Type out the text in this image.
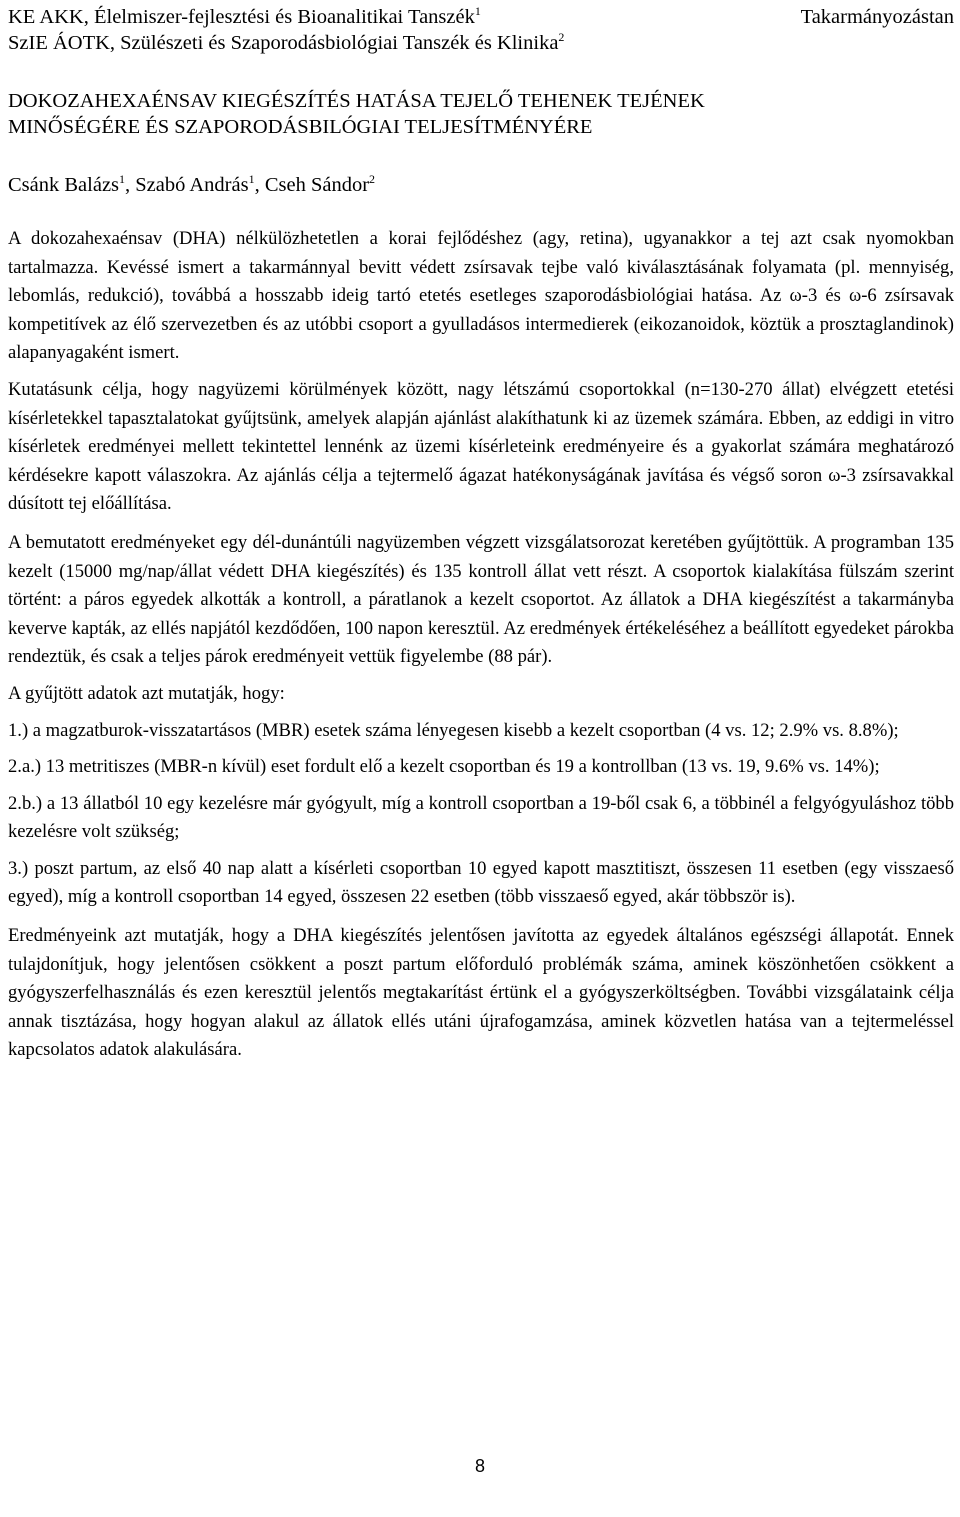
KE AKK, Élelmiszer-fejlesztési és Bioanalitikai Tanszék$^1$
SzIE ÁOTK, Szülészeti és Szaporodásbiológiai Tanszék és Klinika$^2$
Takarmányozástan
DOKOZAHEXAÉNSAV KIEGÉSZÍTÉS HATÁSA TEJELŐ TEHENEK TEJÉNEK
MINŐSÉGÉRE ÉS SZAPORODÁSBILÓGIAI TELJESÍTMÉNYÉRE
Csánk Balázs$^1$, Szabó András$^1$, Cseh Sándor$^2$

A dokozahexaénsav (DHA) nélkülözhetetlen a korai fejlődéshez (agy, retina), ugyanakkor a tej azt csak nyomokban tartalmazza. Kevéssé ismert a takarmánnyal bevitt védett zsírsavak tejbe való kiválasztásának folyamata (pl. mennyiség, lebomlás, redukció), továbbá a hosszabb ideig tartó etetés esetleges szaporodásbiológiai hatása. Az ω-3 és ω-6 zsírsavak kompetitívek az élő szervezetben és az utóbbi csoport a gyulladásos intermedierek (eikozanoidok, köztük a prosztaglandinok) alapanyagaként ismert.

Kutatásunk célja, hogy nagyüzemi körülmények között, nagy létszámú csoportokkal (n=130-270 állat) elvégzett etetési kísérletekkel tapasztalatokat gyűjtsünk, amelyek alapján ajánlást alakíthatunk ki az üzemek számára. Ebben, az eddigi in vitro kísérletek eredményei mellett tekintettel lennénk az üzemi kísérleteink eredményeire és a gyakorlat számára meghatározó kérdésekre kapott válaszokra. Az ajánlás célja a tejtermelő ágazat hatékonyságának javítása és végső soron ω-3 zsírsavakkal dúsított tej előállítása.

A bemutatott eredményeket egy dél-dunántúli nagyüzemben végzett vizsgálatsorozat keretében gyűjtöttük. A programban 135 kezelt (15000 mg/nap/állat védett DHA kiegészítés) és 135 kontroll állat vett részt. A csoportok kialakítása fülszám szerint történt: a páros egyedek alkották a kontroll, a páratlanok a kezelt csoportot. Az állatok a DHA kiegészítést a takarmányba keverve kapták, az ellés napjától kezdődően, 100 napon keresztül. Az eredmények értékeléséhez a beállított egyedeket párokba rendeztük, és csak a teljes párok eredményeit vettük figyelembe (88 pár).

A gyűjtött adatok azt mutatják, hogy:

1.) a magzatburok-visszatartásos (MBR) esetek száma lényegesen kisebb a kezelt csoportban (4 vs. 12; 2.9% vs. 8.8%);

2.a.) 13 metritiszes (MBR-n kívül) eset fordult elő a kezelt csoportban és 19 a kontrollban (13 vs. 19, 9.6% vs. 14%);

2.b.) a 13 állatból 10 egy kezelésre már gyógyult, míg a kontroll csoportban a 19-ből csak 6, a többinél a felgyógyuláshoz több kezelésre volt szükség;

3.) poszt partum, az első 40 nap alatt a kísérleti csoportban 10 egyed kapott masztitiszt, összesen 11 esetben (egy visszaeső egyed), míg a kontroll csoportban 14 egyed, összesen 22 esetben (több visszaeső egyed, akár többször is).

Eredményeink azt mutatják, hogy a DHA kiegészítés jelentősen javította az egyedek általános egészségi állapotát. Ennek tulajdonítjuk, hogy jelentősen csökkent a poszt partum előforduló problémák száma, aminek köszönhetően csökkent a gyógyszerfelhasználás és ezen keresztül jelentős megtakarítást értünk el a gyógyszerköltségben. További vizsgálataink célja annak tisztázása, hogy hogyan alakul az állatok ellés utáni újrafogamzása, aminek közvetlen hatása van a tejtermeléssel kapcsolatos adatok alakulására.

8
